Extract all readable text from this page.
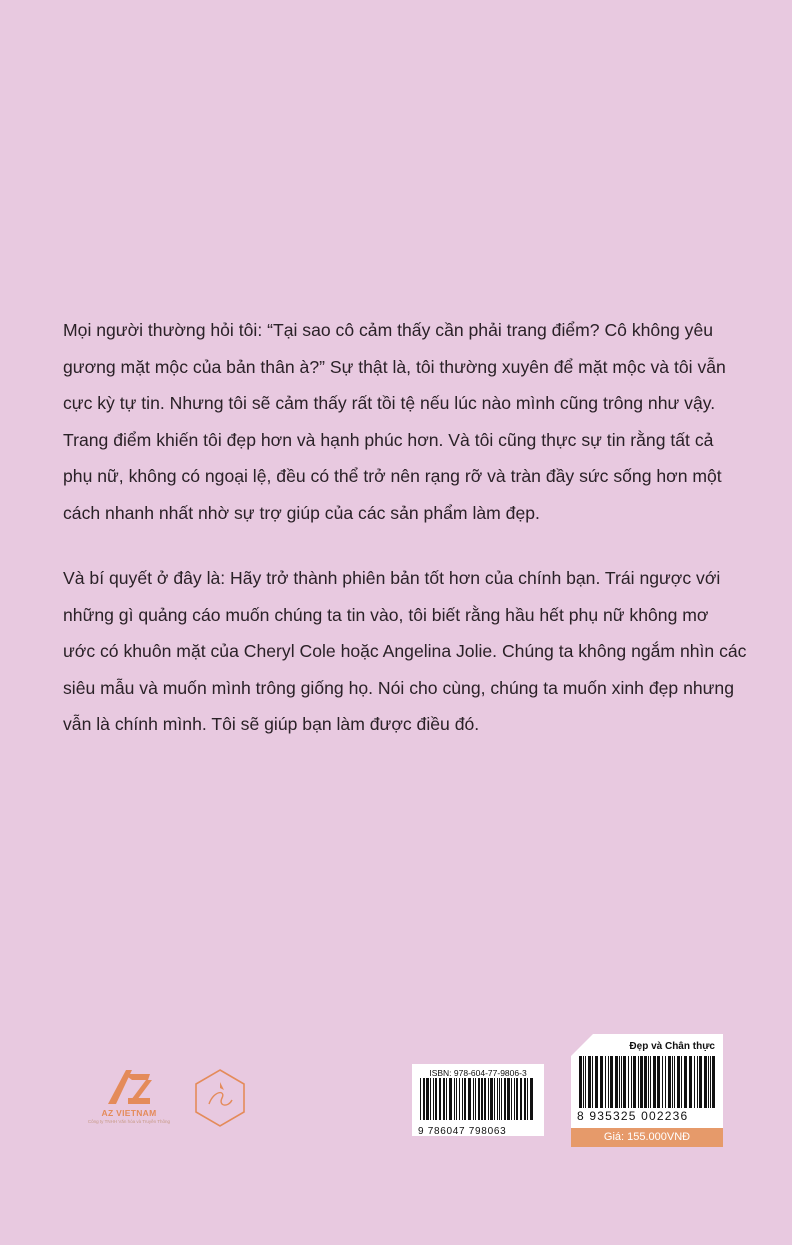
Mọi người thường hỏi tôi: “Tại sao cô cảm thấy cần phải trang điểm? Cô không yêu
gương mặt mộc của bản thân à?” Sự thật là, tôi thường xuyên để mặt mộc và tôi vẫn
cực kỳ tự tin. Nhưng tôi sẽ cảm thấy rất tồi tệ nếu lúc nào mình cũng trông như vậy.
Trang điểm khiến tôi đẹp hơn và hạnh phúc hơn. Và tôi cũng thực sự tin rằng tất cả
phụ nữ, không có ngoại lệ, đều có thể trở nên rạng rỡ và tràn đầy sức sống hơn một
cách nhanh nhất nhờ sự trợ giúp của các sản phẩm làm đẹp.
Và bí quyết ở đây là: Hãy trở thành phiên bản tốt hơn của chính bạn. Trái ngược với
những gì quảng cáo muốn chúng ta tin vào, tôi biết rằng hầu hết phụ nữ không mơ
ước có khuôn mặt của Cheryl Cole hoặc Angelina Jolie. Chúng ta không ngắm nhìn các
siêu mẫu và muốn mình trông giống họ. Nói cho cùng, chúng ta muốn xinh đẹp nhưng
vẫn là chính mình. Tôi sẽ giúp bạn làm được điều đó.
AZ VIETNAM
Công ty TNHH Văn hóa và Truyền Thông
ISBN: 978-604-77-9806-3
9 786047 798063
Đẹp và Chân thực
8 935325 002236
Giá: 155.000VNĐ
